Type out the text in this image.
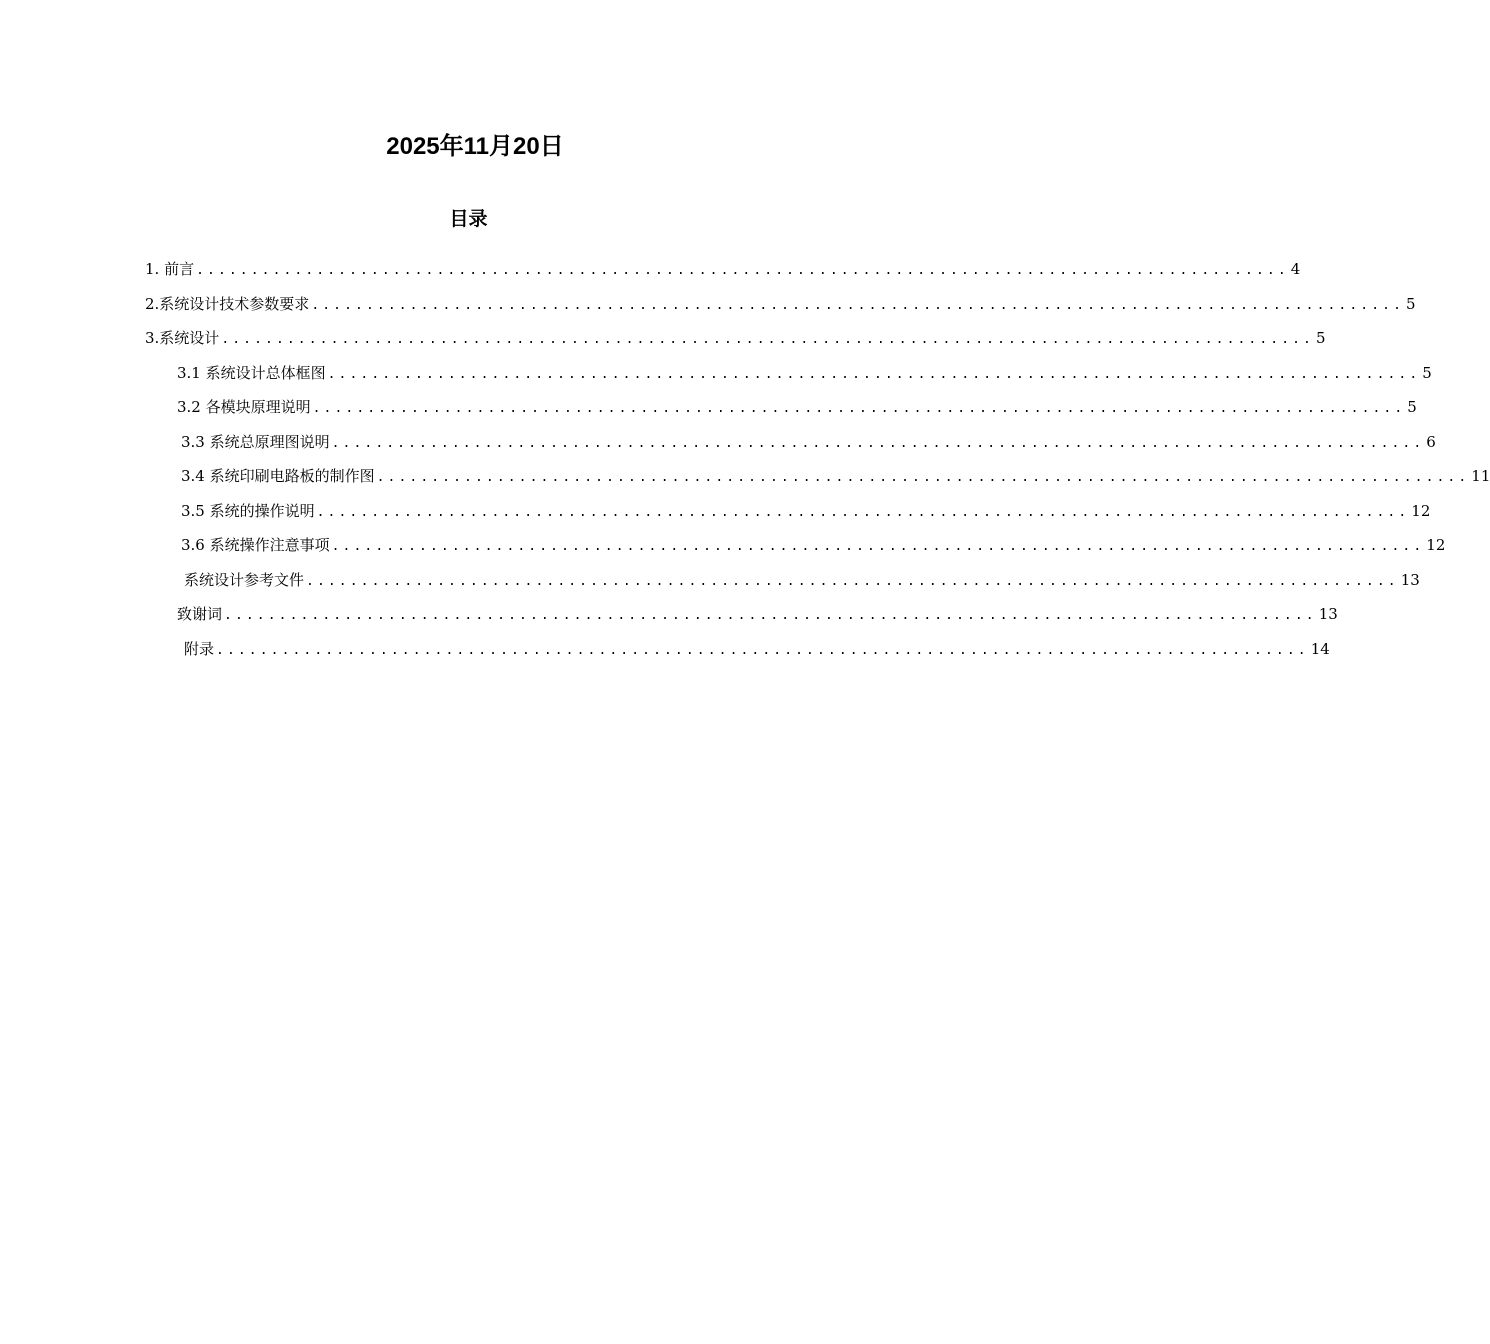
2025年11月20日
目录
1. 前言 .................................................................................................... 4
2.系统设计技术参数要求 .................................................................................................... 5
3.系统设计 .................................................................................................... 5
3.1 系统设计总体框图 .................................................................................................... 5
3.2 各模块原理说明 .................................................................................................... 5
3.3 系统总原理图说明 .................................................................................................... 6
3.4 系统印刷电路板的制作图 .................................................................................................... 11
3.5 系统的操作说明 .................................................................................................... 12
3.6 系统操作注意事项 .................................................................................................... 12
系统设计参考文件 .................................................................................................... 13
致谢词 .................................................................................................... 13
附录 .................................................................................................... 14
